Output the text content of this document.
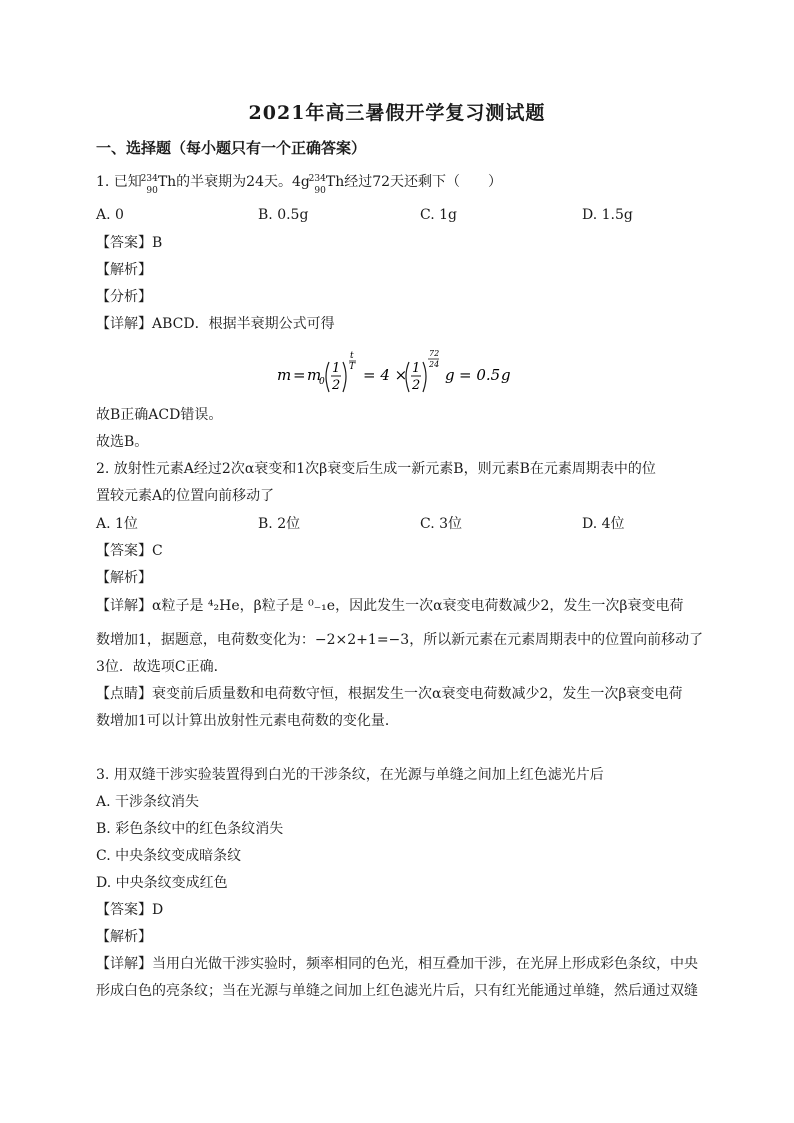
2021年高三暑假开学复习测试题
一、选择题（每小题只有一个正确答案）
1. 已知
234
90
Th的半衰期为24天。4g
234
90
Th经过72天还剩下（　　）
A. 0	B. 0.5g	C. 1g	D. 1.5g
【答案】B
【解析】
【分析】
【详解】ABCD．根据半衰期公式可得
m = m
0
1
2
t
T = 4 × 1
2
72
24
g = 0.5 g
故B正确ACD错误。
故选B。
2. 放射性元素A经过2次α衰变和1次β衰变后生成一新元素B，则元素B在元素周期表中的位
置较元素A的位置向前移动了
A. 1位	B. 2位	C. 3位	D. 4位
【答案】C
【解析】
【详解】α粒子是 ⁴₂He，β粒子是 ⁰₋₁e，因此发生一次α衰变电荷数减少2，发生一次β衰变电荷
数增加1，据题意，电荷数变化为：−2×2+1=−3，所以新元素在元素周期表中的位置向前移动了
3位．故选项C正确．
【点睛】衰变前后质量数和电荷数守恒，根据发生一次α衰变电荷数减少2，发生一次β衰变电荷
数增加1可以计算出放射性元素电荷数的变化量．
3. 用双缝干涉实验装置得到白光的干涉条纹，在光源与单缝之间加上红色滤光片后
A. 干涉条纹消失
B. 彩色条纹中的红色条纹消失
C. 中央条纹变成暗条纹
D. 中央条纹变成红色
【答案】D
【解析】
【详解】当用白光做干涉实验时，频率相同的色光，相互叠加干涉，在光屏上形成彩色条纹，中央
形成白色的亮条纹；当在光源与单缝之间加上红色滤光片后，只有红光能通过单缝，然后通过双缝
